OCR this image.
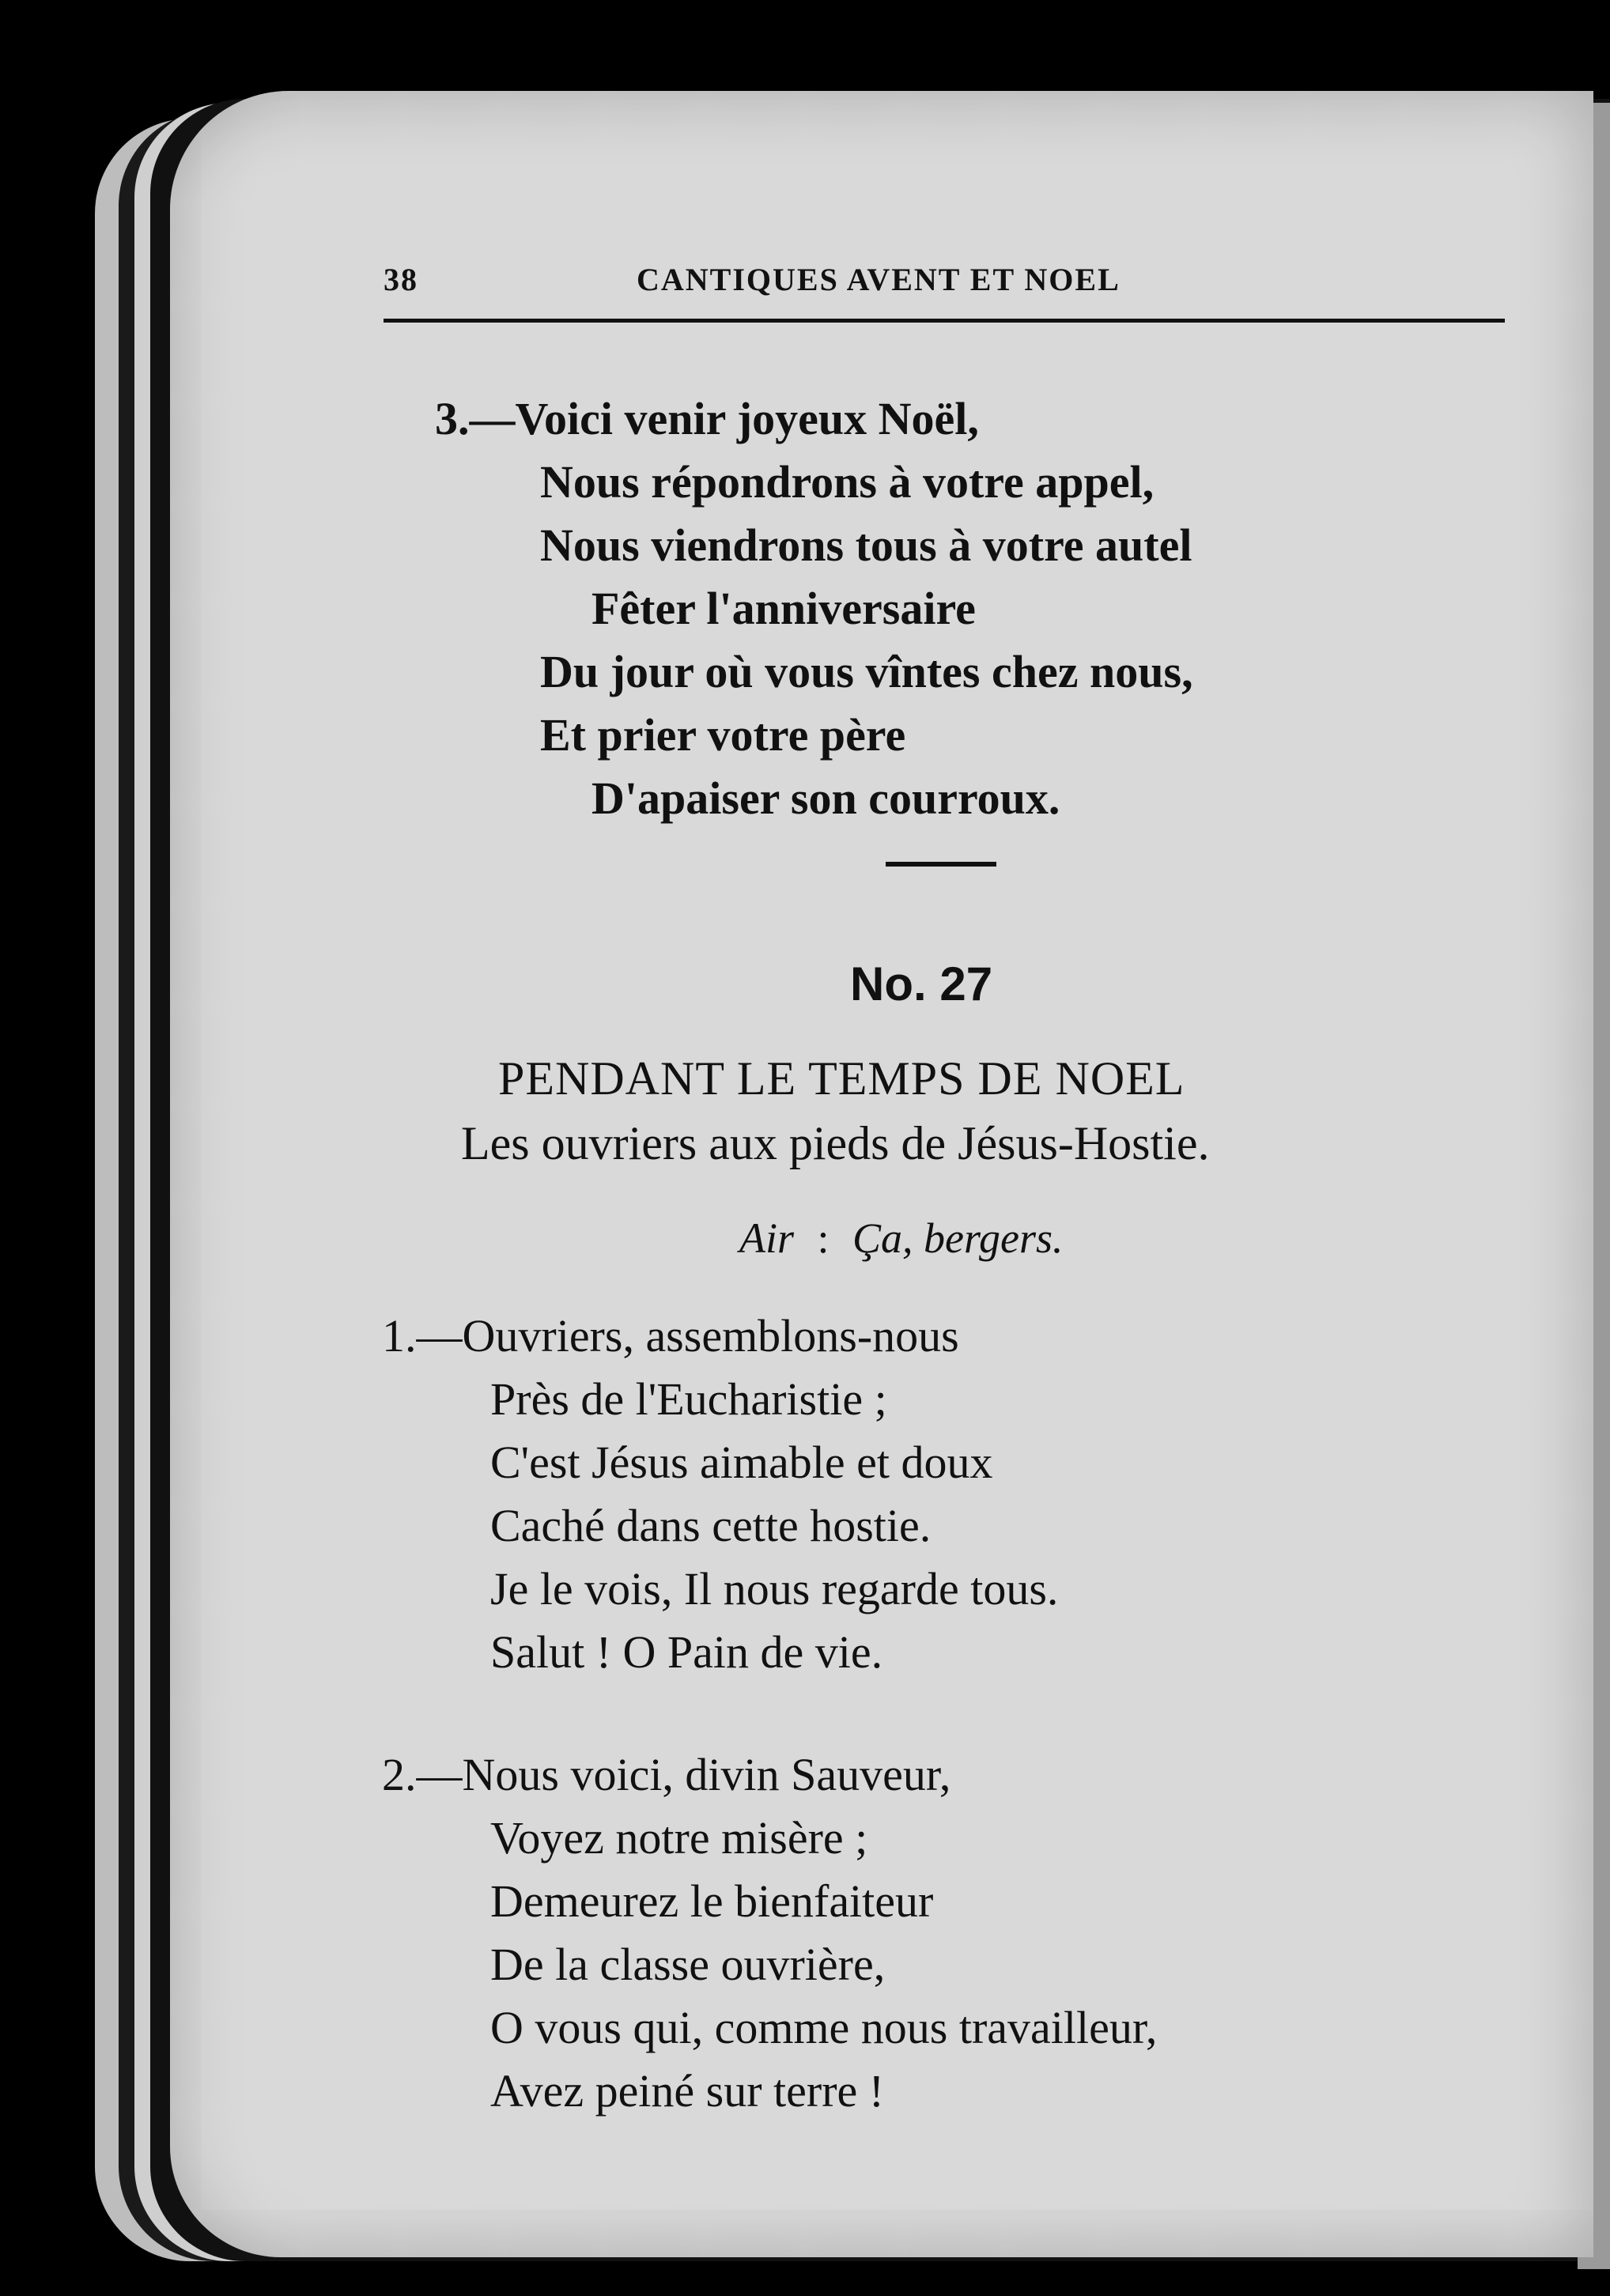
38	CANTIQUES AVENT ET NOEL
3.—Voici venir joyeux Noël,
Nous répondrons à votre appel,
Nous viendrons tous à votre autel
Fêter l'anniversaire
Du jour où vous vîntes chez nous,
Et prier votre père
D'apaiser son courroux.
No. 27
PENDANT LE TEMPS DE NOEL
Les ouvriers aux pieds de Jésus-Hostie.
Air : Ça, bergers.
1.—Ouvriers, assemblons-nous
Près de l'Eucharistie ;
C'est Jésus aimable et doux
Caché dans cette hostie.
Je le vois, Il nous regarde tous.
Salut ! O Pain de vie.
2.—Nous voici, divin Sauveur,
Voyez notre misère ;
Demeurez le bienfaiteur
De la classe ouvrière,
O vous qui, comme nous travailleur,
Avez peiné sur terre !
